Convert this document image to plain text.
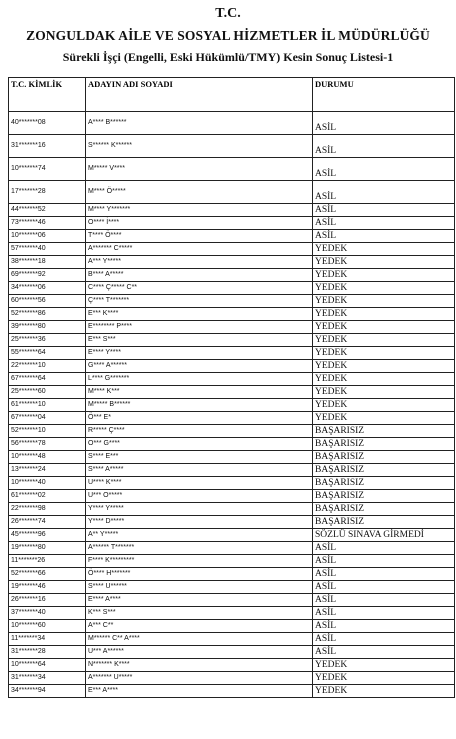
T.C.
ZONGULDAK AİLE VE SOSYAL HİZMETLER İL MÜDÜRLÜĞÜ
Sürekli İşçi (Engelli, Eski Hükümlü/TMY) Kesin Sonuç Listesi-1
T.C. KİMLİK	ADAYIN ADI SOYADI	DURUMU
40*******08	A**** B******	ASİL
31*******16	S****** K******	ASİL
10*******74	M***** V****	ASİL
17*******28	M**** Ö*****	ASİL
44*******52	M**** Y*******	ASİL
73*******46	O**** İ****	ASİL
10*******06	T**** Ö****	ASİL
57*******40	A******* C*****	YEDEK
38*******18	A*** Y*****	YEDEK
69*******92	B**** A*****	YEDEK
34*******06	C**** Ç***** C**	YEDEK
60*******56	Ç**** T*******	YEDEK
52*******86	E*** K****	YEDEK
39*******80	E******** P****	YEDEK
25*******36	E*** S***	YEDEK
55*******64	E**** Y****	YEDEK
22*******10	G**** A******	YEDEK
67*******64	L**** G*******	YEDEK
25*******60	M**** K***	YEDEK
61*******10	M***** B******	YEDEK
67*******04	Ö*** E*	YEDEK
52*******10	R***** Ç****	BAŞARISIZ
56*******78	O*** G****	BAŞARISIZ
10*******48	S**** E***	BAŞARISIZ
13*******24	S**** A*****	BAŞARISIZ
10*******40	U**** K****	BAŞARISIZ
61*******02	U*** O*****	BAŞARISIZ
22*******98	Y**** Y*****	BAŞARISIZ
26*******74	Y**** D*****	BAŞARISIZ
45*******96	A** Y*****	SÖZLÜ SINAVA GİRMEDİ
19*******80	A****** T*******	ASİL
11*******26	F**** K*********	ASİL
52*******66	Ö**** H*******	ASİL
19*******46	S**** U******	ASİL
26*******16	E**** A****	ASİL
37*******40	K*** S***	ASİL
10*******60	A*** C**	ASİL
11*******34	M****** C** A****	ASİL
31*******28	U*** A******	ASİL
10*******64	N******* K****	YEDEK
31*******34	A******* U*****	YEDEK
34*******94	E*** A****	YEDEK
